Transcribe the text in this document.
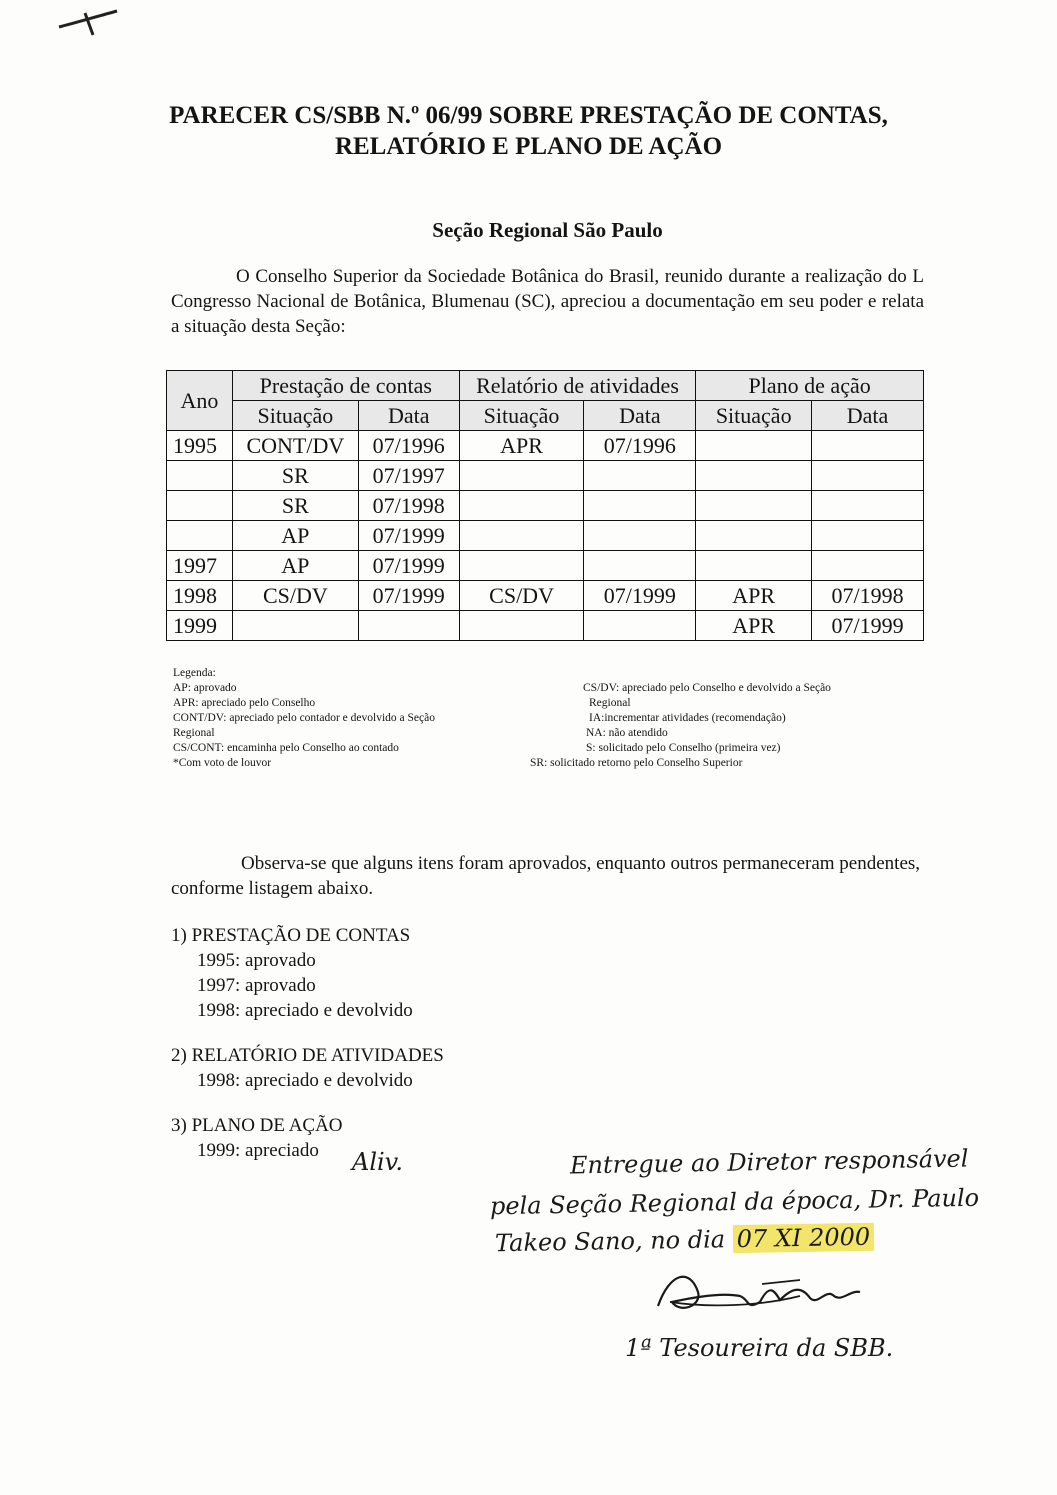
PARECER CS/SBB N.º 06/99 SOBRE PRESTAÇÃO DE CONTAS,
RELATÓRIO E PLANO DE AÇÃO
Seção Regional São Paulo

O Conselho Superior da Sociedade Botânica do Brasil, reunido durante a realização do L Congresso Nacional de Botânica, Blumenau (SC), apreciou a documentação em seu poder e relata a situação desta Seção:

Ano	Prestação de contas		Relatório de atividades		Plano de ação	
	Situação	Data	Situação	Data	Situação	Data
1995	CONT/DV	07/1996	APR	07/1996		
	SR	07/1997				
	SR	07/1998				
	AP	07/1999				
1997	AP	07/1999				
1998	CS/DV	07/1999	CS/DV	07/1999	APR	07/1998
1999					APR	07/1999
Legenda:
AP: aprovado
APR: apreciado pelo Conselho
CONT/DV: apreciado pelo contador e devolvido a Seção
Regional
CS/CONT: encaminha pelo Conselho ao contado
*Com voto de louvor
CS/DV: apreciado pelo Conselho e devolvido a Seção
Regional
IA:incrementar atividades (recomendação)
NA: não atendido
S: solicitado pelo Conselho (primeira vez)
SR: solicitado retorno pelo Conselho Superior

Observa-se que alguns itens foram aprovados, enquanto outros permaneceram pendentes, conforme listagem abaixo.

1) PRESTAÇÃO DE CONTAS
1995: aprovado
1997: aprovado
1998: apreciado e devolvido
2) RELATÓRIO DE ATIVIDADES
1998: apreciado e devolvido
3) PLANO DE AÇÃO
1999: apreciado	Aliv.	Entregue ao Diretor responsável
pela Seção Regional da época, Dr. Paulo
Takeo Sano, no dia 07 XI 2000
1ª Tesoureira da SBB.
